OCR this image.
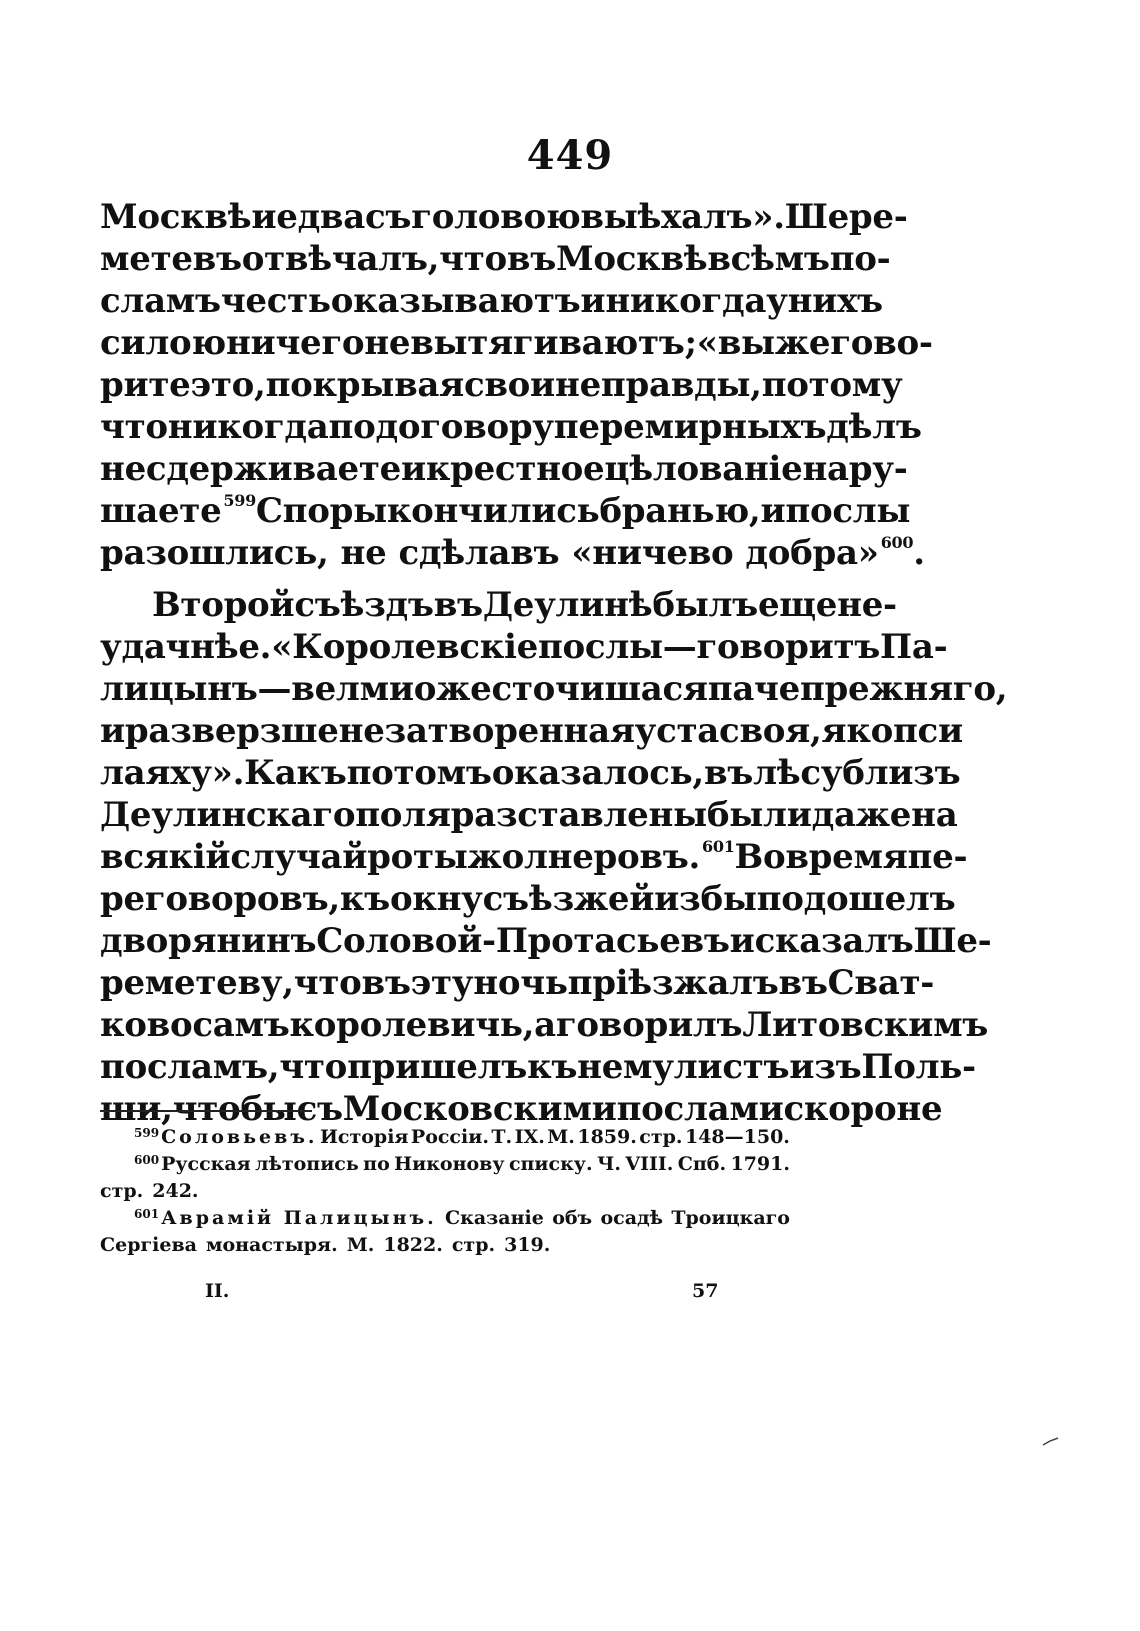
449
Москвѣ и едва съ головою выѣхалъ». Шере-
метевъ отвѣчалъ, что въ Москвѣ всѣмъ по-
сламъ честь оказываютъ и никогда у нихъ
силою ничего не вытягиваютъ; «вы же гово-
рите это, покрывая свои неправды, потому
что никогда по договору перемирныхъ дѣлъ
не сдерживаете и крестное цѣлованіе нару-
шаете $^{599}$ Споры кончились бранью, и послы
разошлись, не сдѣлавъ «ничево добра» $^{600}$.
Второй съѣздъ въ Деулинѣ былъ еще не-
удачнѣе. «Королевскіе послы —говоритъ Па-
лицынъ—велми ожесточишася пачепрежняго,
и разверзше незатворенная уста своя, яко пси
лаяху». Какъ потомъ оказалось, въ лѣсу близъ
Деулинскаго поля разставлены были даже на
всякій случай роты жолнеровъ. $^{601}$ Во время пе-
реговоровъ, къ окну съѣзжей избы подошелъ
дворянинъ Соловой-Протасьевъ и сказалъ Ше-
реметеву, что въ эту ночь пріѣзжалъ въ Сват-
ково самъ королевичь, а говорилъ Литовскимъ
посламъ, что пришелъ къ нему листъ изъ Поль-
ши, чтобы съ Московскими послами скоро не
$^{599}$ Соловьевъ. Исторія Россіи. Т. IX. М. 1859. стр. 148—150.
$^{600}$ Русская лѣтопись по Никонову списку. Ч. VIII. Спб. 1791.
стр. 242.
$^{601}$ Аврамій Палицынъ. Сказаніе объ осадѣ Троицкаго
Сергіева монастыря. М. 1822. стр. 319.
II.	57
